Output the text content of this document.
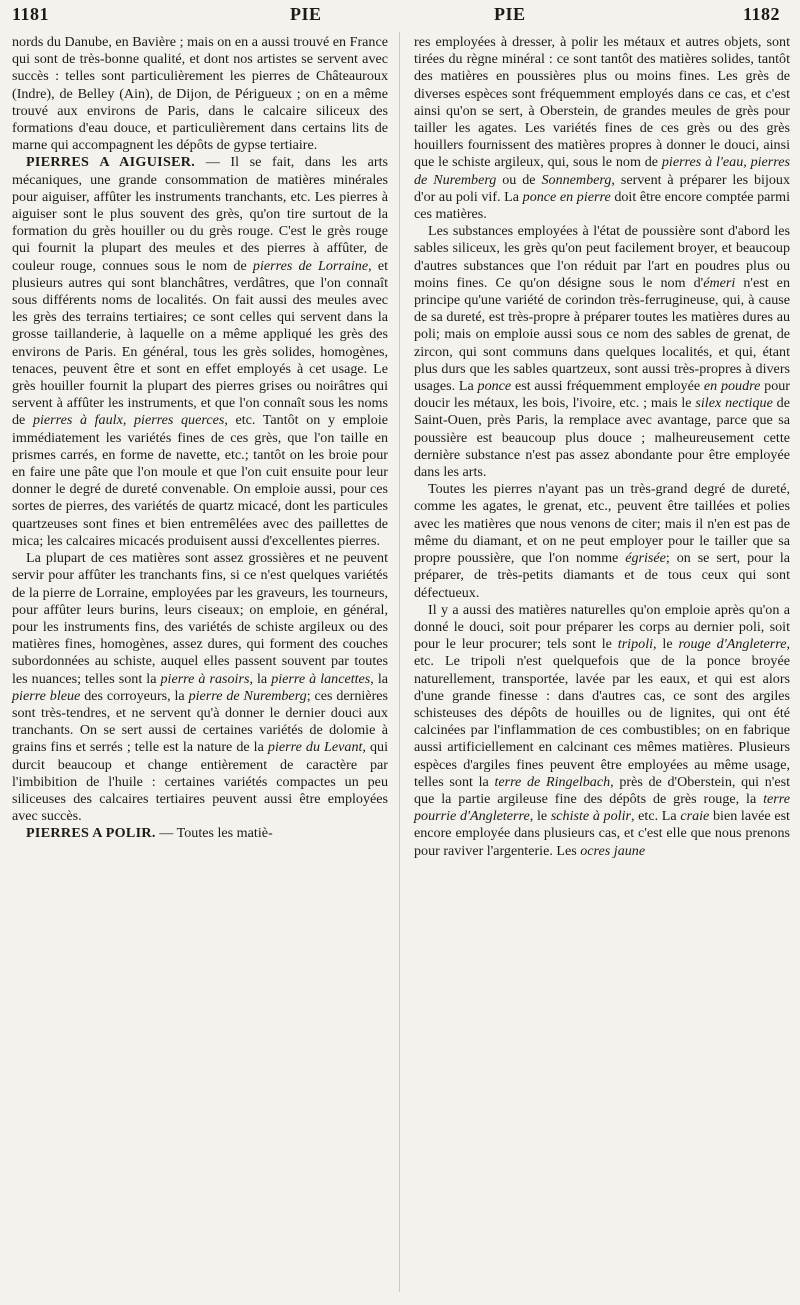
1181	PIE	PIE	1182

nords du Danube, en Bavière ; mais on en a aussi trouvé en France qui sont de très-bonne qualité, et dont nos artistes se servent avec succès : telles sont particulièrement les pierres de Châteauroux (Indre), de Belley (Ain), de Dijon, de Périgueux ; on en a même trouvé aux environs de Paris, dans le calcaire siliceux des formations d'eau douce, et particulièrement dans certains lits de marne qui accompagnent les dépôts de gypse tertiaire.

PIERRES A AIGUISER. — Il se fait, dans les arts mécaniques, une grande consommation de matières minérales pour aiguiser, affûter les instruments tranchants, etc. Les pierres à aiguiser sont le plus souvent des grès, qu'on tire surtout de la formation du grès houiller ou du grès rouge. C'est le grès rouge qui fournit la plupart des meules et des pierres à affûter, de couleur rouge, connues sous le nom de pierres de Lorraine, et plusieurs autres qui sont blanchâtres, verdâtres, que l'on connaît sous différents noms de localités. On fait aussi des meules avec les grès des terrains tertiaires; ce sont celles qui servent dans la grosse taillanderie, à laquelle on a même appliqué les grès des environs de Paris. En général, tous les grès solides, homogènes, tenaces, peuvent être et sont en effet employés à cet usage. Le grès houiller fournit la plupart des pierres grises ou noirâtres qui servent à affûter les instruments, et que l'on connaît sous les noms de pierres à faulx, pierres querces, etc. Tantôt on y emploie immédiatement les variétés fines de ces grès, que l'on taille en prismes carrés, en forme de navette, etc.; tantôt on les broie pour en faire une pâte que l'on moule et que l'on cuit ensuite pour leur donner le degré de dureté convenable. On emploie aussi, pour ces sortes de pierres, des variétés de quartz micacé, dont les particules quartzeuses sont fines et bien entremêlées avec des paillettes de mica; les calcaires micacés produisent aussi d'excellentes pierres.

La plupart de ces matières sont assez grossières et ne peuvent servir pour affûter les tranchants fins, si ce n'est quelques variétés de la pierre de Lorraine, employées par les graveurs, les tourneurs, pour affûter leurs burins, leurs ciseaux; on emploie, en général, pour les instruments fins, des variétés de schiste argileux ou des matières fines, homogènes, assez dures, qui forment des couches subordonnées au schiste, auquel elles passent souvent par toutes les nuances; telles sont la pierre à rasoirs, la pierre à lancettes, la pierre bleue des corroyeurs, la pierre de Nuremberg; ces dernières sont très-tendres, et ne servent qu'à donner le dernier douci aux tranchants. On se sert aussi de certaines variétés de dolomie à grains fins et serrés ; telle est la nature de la pierre du Levant, qui durcit beaucoup et change entièrement de caractère par l'imbibition de l'huile : certaines variétés compactes un peu siliceuses des calcaires tertiaires peuvent aussi être employées avec succès.

PIERRES A POLIR. — Toutes les matiè-

res employées à dresser, à polir les métaux et autres objets, sont tirées du règne minéral : ce sont tantôt des matières solides, tantôt des matières en poussières plus ou moins fines. Les grès de diverses espèces sont fréquemment employés dans ce cas, et c'est ainsi qu'on se sert, à Oberstein, de grandes meules de grès pour tailler les agates. Les variétés fines de ces grès ou des grès houillers fournissent des matières propres à donner le douci, ainsi que le schiste argileux, qui, sous le nom de pierres à l'eau, pierres de Nuremberg ou de Sonnemberg, servent à préparer les bijoux d'or au poli vif. La ponce en pierre doit être encore comptée parmi ces matières.

Les substances employées à l'état de poussière sont d'abord les sables siliceux, les grès qu'on peut facilement broyer, et beaucoup d'autres substances que l'on réduit par l'art en poudres plus ou moins fines. Ce qu'on désigne sous le nom d'émeri n'est en principe qu'une variété de corindon très-ferrugineuse, qui, à cause de sa dureté, est très-propre à préparer toutes les matières dures au poli; mais on emploie aussi sous ce nom des sables de grenat, de zircon, qui sont communs dans quelques localités, et qui, étant plus durs que les sables quartzeux, sont aussi très-propres à divers usages. La ponce est aussi fréquemment employée en poudre pour doucir les métaux, les bois, l'ivoire, etc. ; mais le silex nectique de Saint-Ouen, près Paris, la remplace avec avantage, parce que sa poussière est beaucoup plus douce ; malheureusement cette dernière substance n'est pas assez abondante pour être employée dans les arts.

Toutes les pierres n'ayant pas un très-grand degré de dureté, comme les agates, le grenat, etc., peuvent être taillées et polies avec les matières que nous venons de citer; mais il n'en est pas de même du diamant, et on ne peut employer pour le tailler que sa propre poussière, que l'on nomme égrisée; on se sert, pour la préparer, de très-petits diamants et de tous ceux qui sont défectueux.

Il y a aussi des matières naturelles qu'on emploie après qu'on a donné le douci, soit pour préparer les corps au dernier poli, soit pour le leur procurer; tels sont le tripoli, le rouge d'Angleterre, etc. Le tripoli n'est quelquefois que de la ponce broyée naturellement, transportée, lavée par les eaux, et qui est alors d'une grande finesse : dans d'autres cas, ce sont des argiles schisteuses des dépôts de houilles ou de lignites, qui ont été calcinées par l'inflammation de ces combustibles; on en fabrique aussi artificiellement en calcinant ces mêmes matières. Plusieurs espèces d'argiles fines peuvent être employées au même usage, telles sont la terre de Ringelbach, près de d'Oberstein, qui n'est que la partie argileuse fine des dépôts de grès rouge, la terre pourrie d'Angleterre, le schiste à polir, etc. La craie bien lavée est encore employée dans plusieurs cas, et c'est elle que nous prenons pour raviver l'argenterie. Les ocres jaune
